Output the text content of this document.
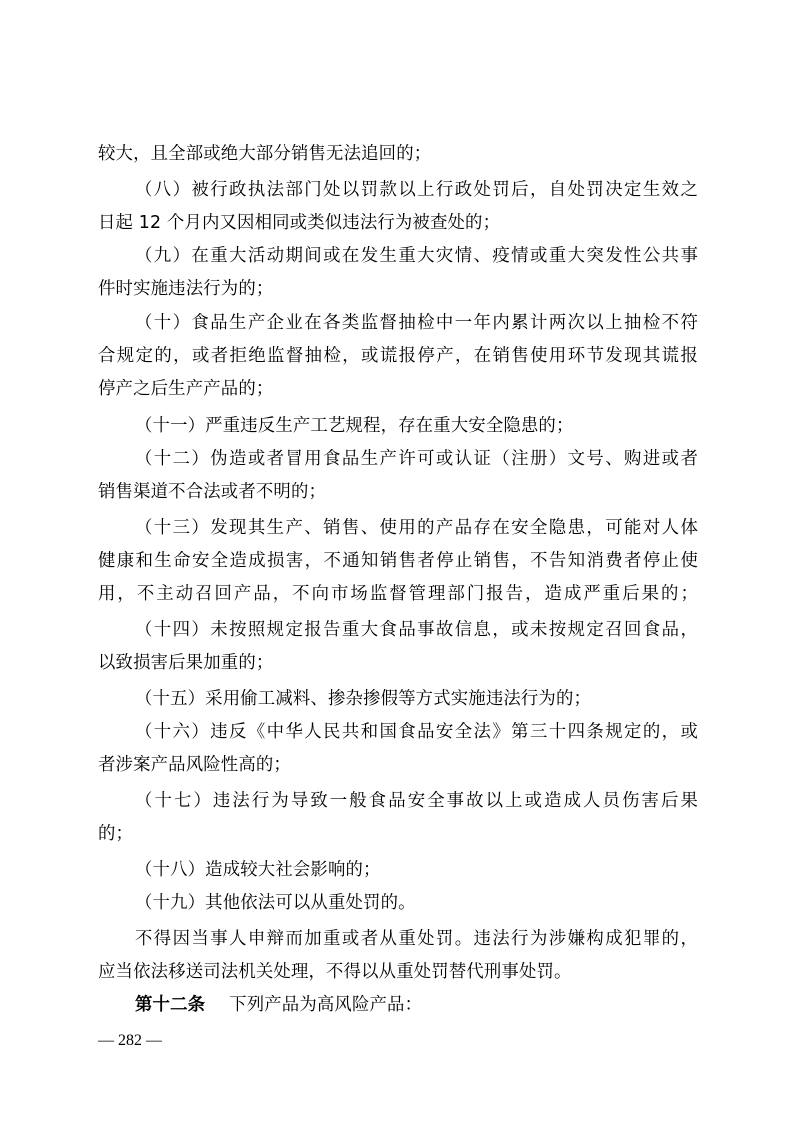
较大，且全部或绝大部分销售无法追回的；
（八）被行政执法部门处以罚款以上行政处罚后，自处罚决定生效之
日起 12 个月内又因相同或类似违法行为被查处的；
（九）在重大活动期间或在发生重大灾情、疫情或重大突发性公共事
件时实施违法行为的；
（十）食品生产企业在各类监督抽检中一年内累计两次以上抽检不符
合规定的，或者拒绝监督抽检，或谎报停产，在销售使用环节发现其谎报
停产之后生产产品的；
（十一）严重违反生产工艺规程，存在重大安全隐患的；
（十二）伪造或者冒用食品生产许可或认证（注册）文号、购进或者
销售渠道不合法或者不明的；
（十三）发现其生产、销售、使用的产品存在安全隐患，可能对人体
健康和生命安全造成损害，不通知销售者停止销售，不告知消费者停止使
用，不主动召回产品，不向市场监督管理部门报告，造成严重后果的；
（十四）未按照规定报告重大食品事故信息，或未按规定召回食品，
以致损害后果加重的；
（十五）采用偷工减料、掺杂掺假等方式实施违法行为的；
（十六）违反《中华人民共和国食品安全法》第三十四条规定的，或
者涉案产品风险性高的；
（十七）违法行为导致一般食品安全事故以上或造成人员伤害后果
的；
（十八）造成较大社会影响的；
（十九）其他依法可以从重处罚的。
不得因当事人申辩而加重或者从重处罚。违法行为涉嫌构成犯罪的，
应当依法移送司法机关处理，不得以从重处罚替代刑事处罚。
第十二条 下列产品为高风险产品：
— 282 —
